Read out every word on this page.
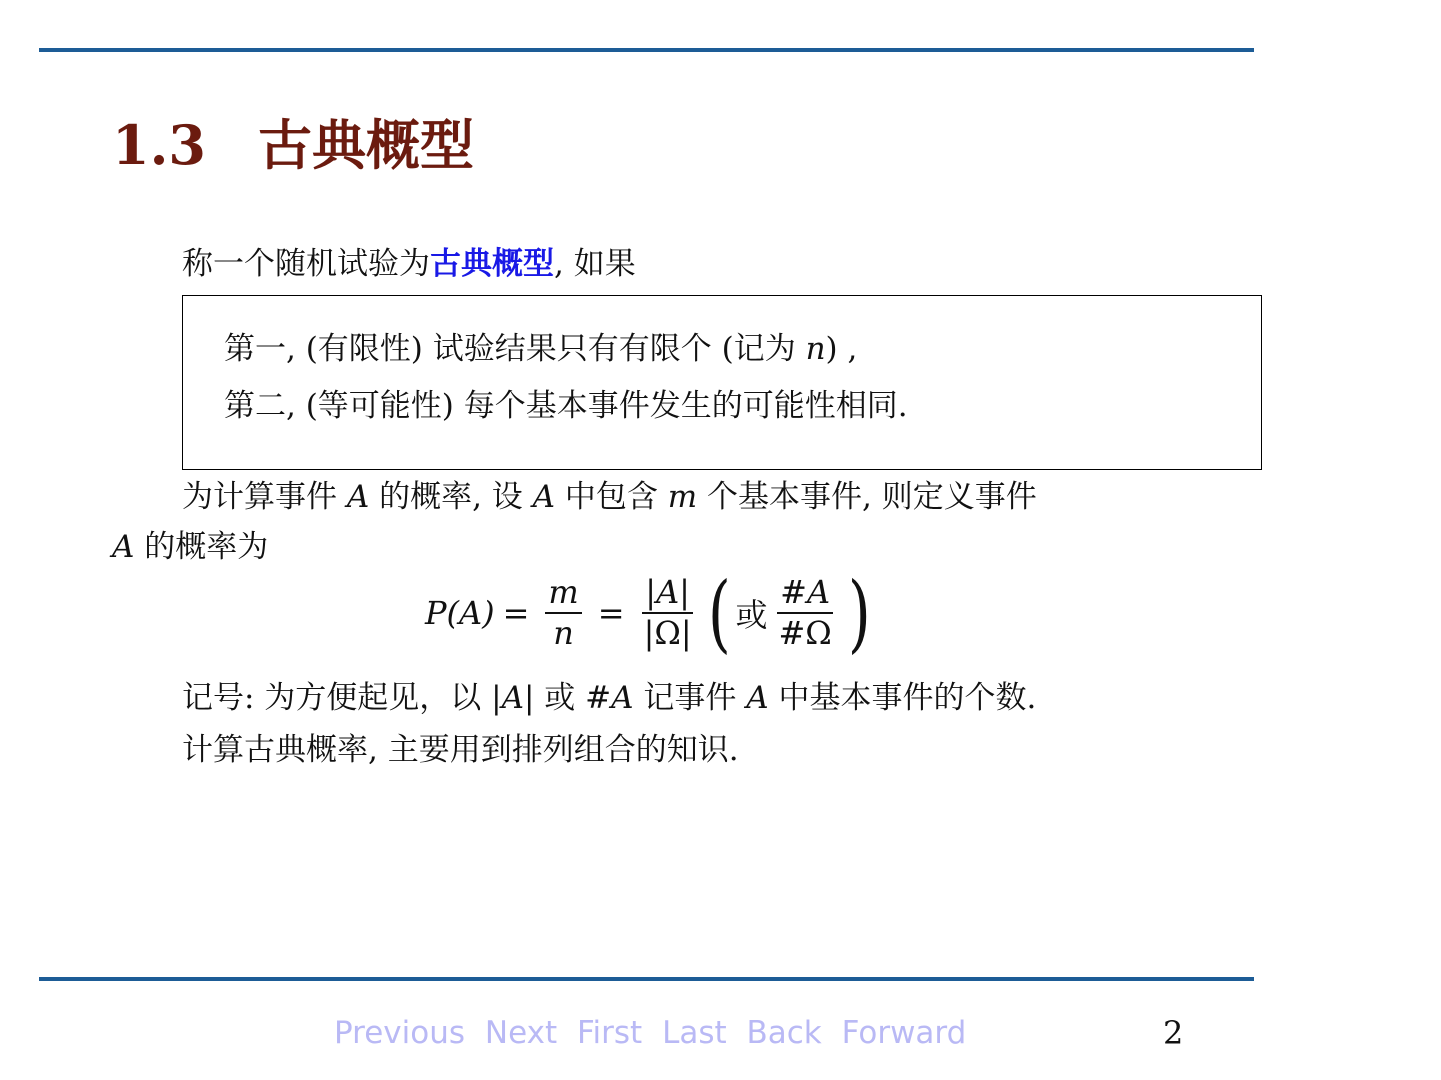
1.3 古典概型
称一个随机试验为古典概型, 如果
第一, (有限性) 试验结果只有有限个 (记为 n) ,
第二, (等可能性) 每个基本事件发生的可能性相同.
为计算事件 A 的概率, 设 A 中包含 m 个基本事件, 则定义事件
A 的概率为
$P(A) = \frac{m}{n} = \frac{|A|}{|\Omega|}$ ( 或 $\frac{\#A}{\#\Omega}$ )
记号: 为方便起见，以 |A| 或 #A 记事件 A 中基本事件的个数.
计算古典概率, 主要用到排列组合的知识.
Previous Next First Last Back Forward	2
